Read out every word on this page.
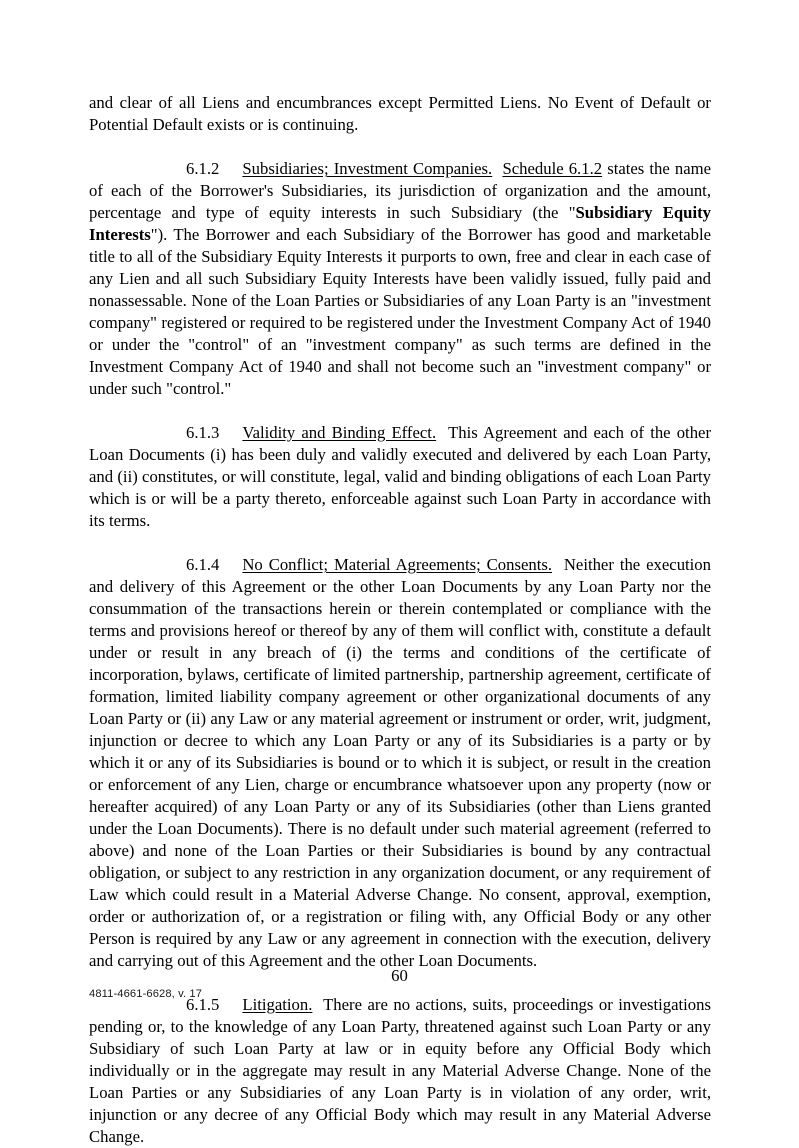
and clear of all Liens and encumbrances except Permitted Liens. No Event of Default or Potential Default exists or is continuing.

6.1.2 Subsidiaries; Investment Companies. Schedule 6.1.2 states the name of each of the Borrower's Subsidiaries, its jurisdiction of organization and the amount, percentage and type of equity interests in such Subsidiary (the "Subsidiary Equity Interests"). The Borrower and each Subsidiary of the Borrower has good and marketable title to all of the Subsidiary Equity Interests it purports to own, free and clear in each case of any Lien and all such Subsidiary Equity Interests have been validly issued, fully paid and nonassessable. None of the Loan Parties or Subsidiaries of any Loan Party is an "investment company" registered or required to be registered under the Investment Company Act of 1940 or under the "control" of an "investment company" as such terms are defined in the Investment Company Act of 1940 and shall not become such an "investment company" or under such "control."

6.1.3 Validity and Binding Effect. This Agreement and each of the other Loan Documents (i) has been duly and validly executed and delivered by each Loan Party, and (ii) constitutes, or will constitute, legal, valid and binding obligations of each Loan Party which is or will be a party thereto, enforceable against such Loan Party in accordance with its terms.

6.1.4 No Conflict; Material Agreements; Consents. Neither the execution and delivery of this Agreement or the other Loan Documents by any Loan Party nor the consummation of the transactions herein or therein contemplated or compliance with the terms and provisions hereof or thereof by any of them will conflict with, constitute a default under or result in any breach of (i) the terms and conditions of the certificate of incorporation, bylaws, certificate of limited partnership, partnership agreement, certificate of formation, limited liability company agreement or other organizational documents of any Loan Party or (ii) any Law or any material agreement or instrument or order, writ, judgment, injunction or decree to which any Loan Party or any of its Subsidiaries is a party or by which it or any of its Subsidiaries is bound or to which it is subject, or result in the creation or enforcement of any Lien, charge or encumbrance whatsoever upon any property (now or hereafter acquired) of any Loan Party or any of its Subsidiaries (other than Liens granted under the Loan Documents). There is no default under such material agreement (referred to above) and none of the Loan Parties or their Subsidiaries is bound by any contractual obligation, or subject to any restriction in any organization document, or any requirement of Law which could result in a Material Adverse Change. No consent, approval, exemption, order or authorization of, or a registration or filing with, any Official Body or any other Person is required by any Law or any agreement in connection with the execution, delivery and carrying out of this Agreement and the other Loan Documents.

6.1.5 Litigation. There are no actions, suits, proceedings or investigations pending or, to the knowledge of any Loan Party, threatened against such Loan Party or any Subsidiary of such Loan Party at law or in equity before any Official Body which individually or in the aggregate may result in any Material Adverse Change. None of the Loan Parties or any Subsidiaries of any Loan Party is in violation of any order, writ, injunction or any decree of any Official Body which may result in any Material Adverse Change.

60
4811-4661-6628, v. 17
